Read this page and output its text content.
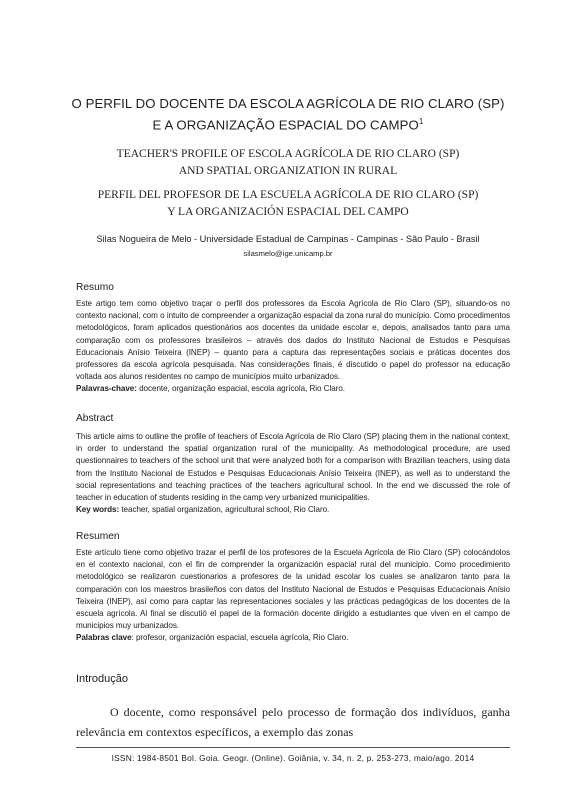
O PERFIL DO DOCENTE DA ESCOLA AGRÍCOLA DE RIO CLARO (SP)
E A ORGANIZAÇÃO ESPACIAL DO CAMPO$^1$
TEACHER'S PROFILE OF ESCOLA AGRÍCOLA DE RIO CLARO (SP)
AND SPATIAL ORGANIZATION IN RURAL
PERFIL DEL PROFESOR DE LA ESCUELA AGRÍCOLA DE RIO CLARO (SP)
Y LA ORGANIZACIÓN ESPACIAL DEL CAMPO
Silas Nogueira de Melo - Universidade Estadual de Campinas - Campinas - São Paulo - Brasil
silasmelo@ige.unicamp.br
Resumo
Este artigo tem como objetivo traçar o perfil dos professores da Escola Agrícola de Rio Claro (SP), situando-os no contexto nacional, com o intuito de compreender a organização espacial da zona rural do município. Como procedimentos metodológicos, foram aplicados questionários aos docentes da unidade escolar e, depois, analisados tanto para uma comparação com os professores brasileiros – através dos dados do Instituto Nacional de Estudos e Pesquisas Educacionais Anísio Teixeira (INEP) – quanto para a captura das representações sociais e práticas docentes dos professores da escola agrícola pesquisada. Nas considerações finais, é discutido o papel do professor na educação voltada aos alunos residentes no campo de municípios muito urbanizados.
Palavras-chave: docente, organização espacial, escola agrícola, Rio Claro.
Abstract
This article aims to outline the profile of teachers of Escola Agrícola de Rio Claro (SP) placing them in the national context, in order to understand the spatial organization rural of the municipality. As methodological procedure, are used questionnaires to teachers of the school unit that were analyzed both for a comparison with Brazilian teachers, using data from the Instituto Nacional de Estudos e Pesquisas Educacionais Anísio Teixeira (INEP), as well as to understand the social representations and teaching practices of the teachers agricultural school. In the end we discussed the role of teacher in education of students residing in the camp very urbanized municipalities.
Key words: teacher, spatial organization, agricultural school, Rio Claro.
Resumen
Este artículo tiene como objetivo trazar el perfil de los profesores de la Escuela Agrícola de Rio Claro (SP) colocándolos en el contexto nacional, con el fin de comprender la organización espacial rural del municipio. Como procedimiento metodológico se realizaron cuestionarios a profesores de la unidad escolar los cuales se analizaron tanto para la comparación con los maestros brasileños con datos del Instituto Nacional de Estudos e Pesquisas Educacionais Anísio Teixeira (INEP), así como para captar las representaciones sociales y las prácticas pedagógicas de los docentes de la escuela agrícola. Al final se discutió el papel de la formación docente dirigido a estudiantes que viven en el campo de municipios muy urbanizados.
Palabras clave: profesor, organización espacial, escuela agrícola, Rio Claro.
Introdução
O docente, como responsável pelo processo de formação dos indivíduos, ganha relevância em contextos específicos, a exemplo das zonas
ISSN: 1984-8501 Bol. Goia. Geogr. (Online). Goiânia, v. 34, n. 2, p. 253-273, maio/ago. 2014
